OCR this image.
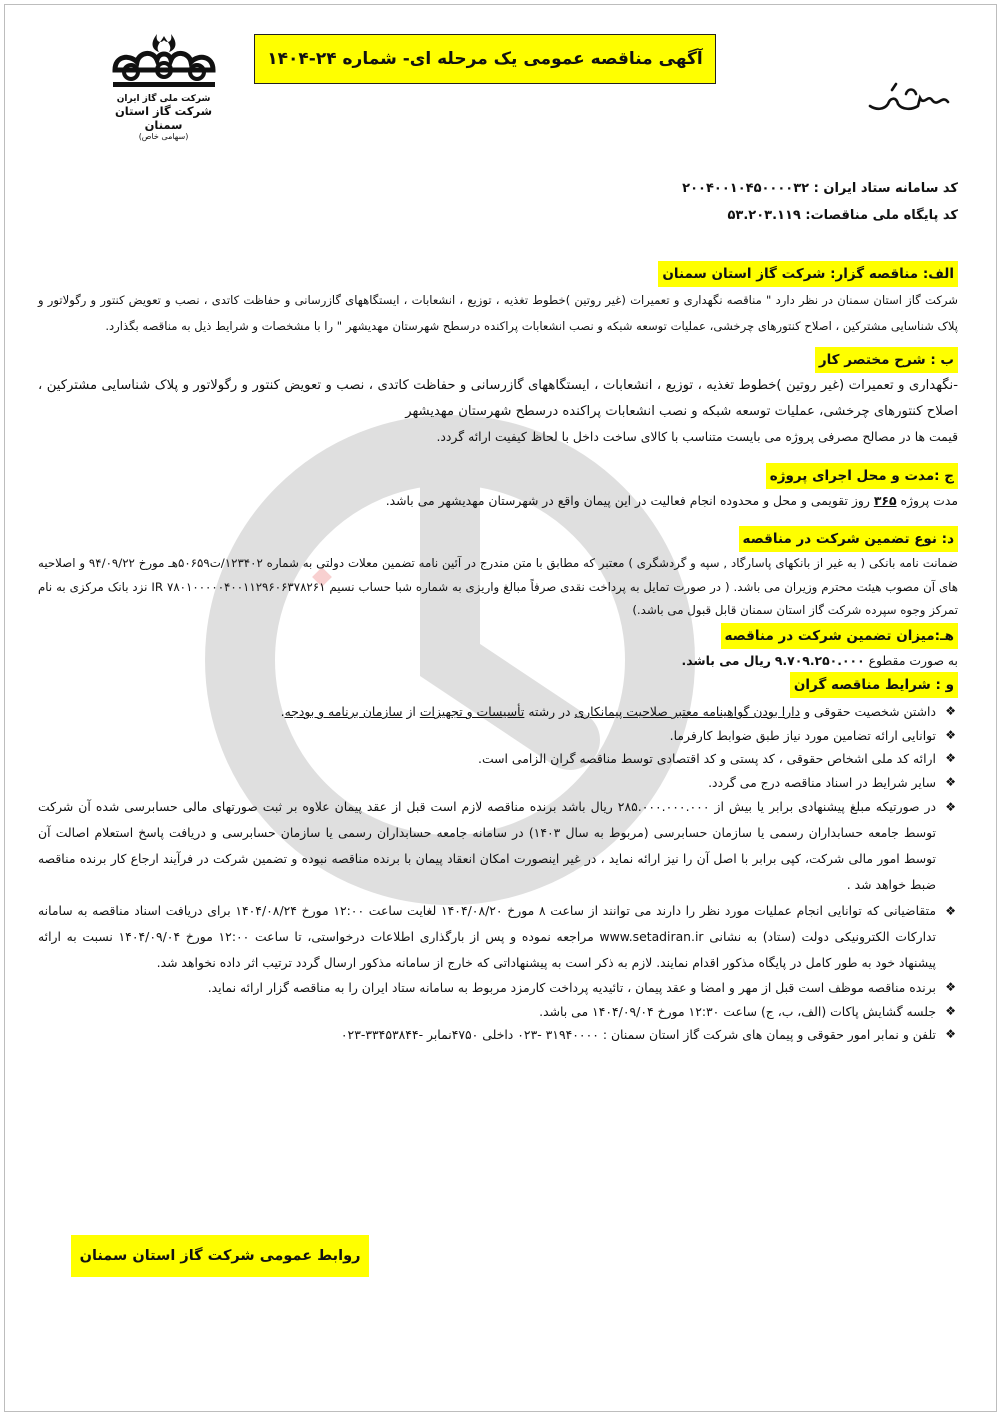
شرکت ملی گاز ایران
شرکت گاز استان سمنان
(سهامی خاص)
آگهی مناقصه عمومی یک مرحله ای- شماره ۲۴-۱۴۰۴

کد سامانه ستاد ایران : ۲۰۰۴۰۰۱۰۴۵۰۰۰۰۳۲

کد پایگاه ملی مناقصات: ۵۳.۲۰۳.۱۱۹

الف: مناقصه گزار: شرکت گاز استان سمنان

شرکت گاز استان سمنان در نظر دارد " مناقصه نگهداری و تعمیرات (غیر روتین )خطوط تغذیه ، توزیع ، انشعابات ، ایستگاههای گازرسانی و حفاظت کاتدی ، نصب و تعویض کنتور و رگولاتور و پلاک شناسایی مشترکین ، اصلاح کنتورهای چرخشی، عملیات توسعه شبکه و نصب انشعابات پراکنده درسطح شهرستان مهدیشهر " را با مشخصات و شرایط ذیل به مناقصه بگذارد.

ب : شرح مختصر کار

-نگهداری و تعمیرات (غیر روتین )خطوط تغذیه ، توزیع ، انشعابات ، ایستگاههای گازرسانی و حفاظت کاتدی ، نصب و تعویض کنتور و رگولاتور و پلاک شناسایی مشترکین ، اصلاح کنتورهای چرخشی، عملیات توسعه شبکه و نصب انشعابات پراکنده درسطح شهرستان مهدیشهر

قیمت ها در مصالح مصرفی پروژه می بایست متناسب با کالای ساخت داخل با لحاظ کیفیت ارائه گردد.

ج :مدت و محل اجرای پروژه

مدت پروژه ۳۶۵ روز تقویمی و محل و محدوده انجام فعالیت در این پیمان واقع در شهرستان مهدیشهر می باشد.

د: نوع تضمین شرکت در مناقصه

ضمانت نامه بانکی ( به غیر از بانکهای پاسارگاد , سپه و گردشگری ) معتبر که مطابق با متن مندرج در آئین نامه تضمین معلات دولتی به شماره ۱۲۳۴۰۲/ت۵۰۶۵۹هـ مورخ ۹۴/۰۹/۲۲ و اصلاحیه های آن مصوب هیئت محترم وزیران می باشد. ( در صورت تمایل به پرداخت نقدی صرفاً مبالغ واریزی به شماره شبا حساب نسیم IR ۷۸۰۱۰۰۰۰۰۴۰۰۱۱۲۹۶۰۶۳۷۸۲۶۱ نزد بانک مرکزی به نام تمرکز وجوه سپرده شرکت گاز استان سمنان قابل قبول می باشد.)

هـ:میزان تضمین شرکت در مناقصه

به صورت مقطوع ۹.۷۰۹.۲۵۰.۰۰۰ ریال می باشد.

و : شرایط مناقصه گران

❖ داشتن شخصیت حقوقی و دارا بودن گواهینامه معتبر صلاحیت پیمانکاری در رشته تأسیسات و تجهیزات از سازمان برنامه و بودجه.
❖ توانایی ارائه تضامین مورد نیاز طبق ضوابط کارفرما.
❖ ارائه کد ملی اشخاص حقوقی ، کد پستی و کد اقتصادی توسط مناقصه گران الزامی است.
❖ سایر شرایط در اسناد مناقصه درج می گردد.
❖ در صورتیکه مبلغ پیشنهادی برابر یا بیش از ۲۸۵.۰۰۰.۰۰۰.۰۰۰ ریال باشد برنده مناقصه لازم است قبل از عقد پیمان علاوه بر ثبت صورتهای مالی حسابرسی شده آن شرکت توسط جامعه حسابداران رسمی یا سازمان حسابرسی (مربوط به سال ۱۴۰۳) در سامانه جامعه حسابداران رسمی یا سازمان حسابرسی و دریافت پاسخ استعلام اصالت آن توسط امور مالی شرکت، کپی برابر با اصل آن را نیز ارائه نماید ، در غیر اینصورت امکان انعقاد پیمان با برنده مناقصه نبوده و تضمین شرکت در فرآیند ارجاع کار برنده مناقصه ضبط خواهد شد .
❖ متقاضیانی که توانایی انجام عملیات مورد نظر را دارند می توانند از ساعت ۸ مورخ ۱۴۰۴/۰۸/۲۰ لغایت ساعت ۱۲:۰۰ مورخ ۱۴۰۴/۰۸/۲۴ برای دریافت اسناد مناقصه به سامانه تدارکات الکترونیکی دولت (ستاد) به نشانی www.setadiran.ir مراجعه نموده و پس از بارگذاری اطلاعات درخواستی، تا ساعت ۱۲:۰۰ مورخ ۱۴۰۴/۰۹/۰۴ نسبت به ارائه پیشنهاد خود به طور کامل در پایگاه مذکور اقدام نمایند. لازم به ذکر است به پیشنهاداتی که خارج از سامانه مذکور ارسال گردد ترتیب اثر داده نخواهد شد.
❖ برنده مناقصه موظف است قبل از مهر و امضا و عقد پیمان ، تائیدیه پرداخت کارمزد مربوط به سامانه ستاد ایران را به مناقصه گزار ارائه نماید.
❖ جلسه گشایش پاکات (الف، ب، ج) ساعت ۱۲:۳۰ مورخ ۱۴۰۴/۰۹/۰۴ می باشد.
❖ تلفن و نمابر امور حقوقی و پیمان های شرکت گاز استان سمنان : ۳۱۹۴۰۰۰۰ -۰۲۳ داخلی ۴۷۵۰نمابر -۳۳۴۵۳۸۴۴-۰۲۳
روابط عمومی شرکت گاز استان سمنان
